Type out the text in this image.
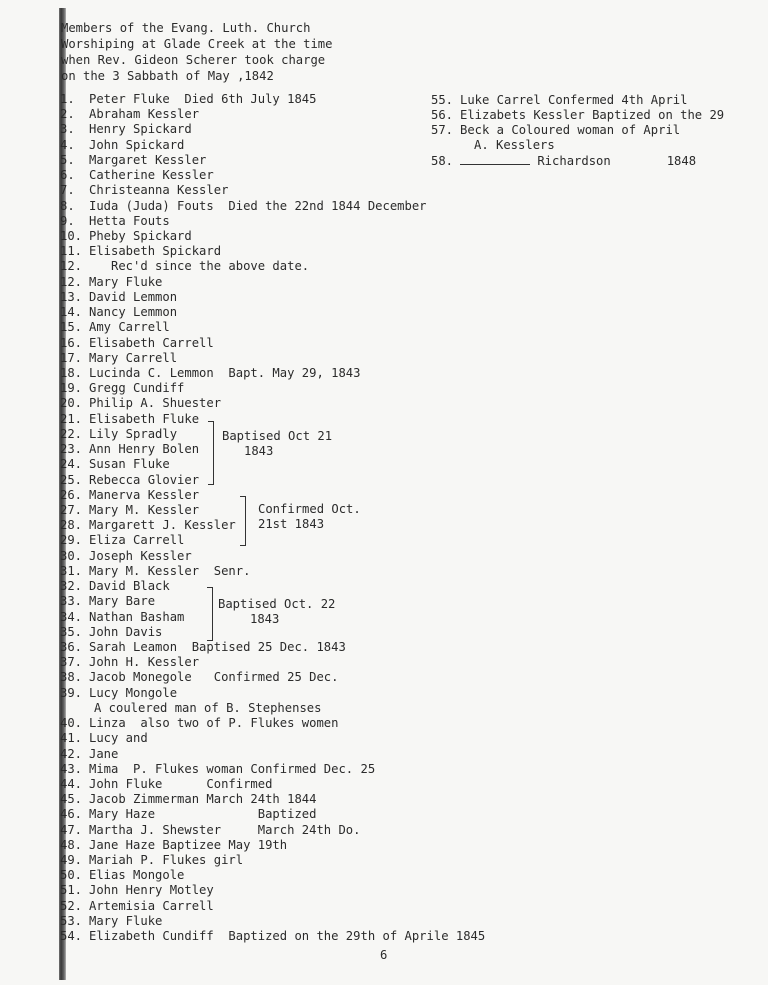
Members of the Evang. Luth. Church
Worshiping at Glade Creek at the time
when Rev. Gideon Scherer took charge
on the 3 Sabbath of May ,1842
1. Peter Fluke  Died 6th July 1845
2. Abraham Kessler
3. Henry Spickard
4. John Spickard
5. Margaret Kessler
6. Catherine Kessler
7. Christeanna Kessler
8. Iuda (Juda) Fouts  Died the 22nd 1844 December
9. Hetta Fouts
10. Pheby Spickard
11. Elisabeth Spickard
12.   Rec'd since the above date.
12. Mary Fluke
13. David Lemmon
14. Nancy Lemmon
15. Amy Carrell
16. Elisabeth Carrell
17. Mary Carrell
18. Lucinda C. Lemmon  Bapt. May 29, 1843
19. Gregg Cundiff
20. Philip A. Shuester
21. Elisabeth Fluke
22. Lily Spradly
23. Ann Henry Bolen
24. Susan Fluke
25. Rebecca Glovier
26. Manerva Kessler
27. Mary M. Kessler
28. Margarett J. Kessler
29. Eliza Carrell
30. Joseph Kessler
31. Mary M. Kessler  Senr.
32. David Black
33. Mary Bare
34. Nathan Basham
35. John Davis
36. Sarah Leamon  Baptised 25 Dec. 1843
37. John H. Kessler
38. Jacob Monegole   Confirmed 25 Dec.
39. Lucy Mongole
A coulered man of B. Stephenses
40. Linza  also two of P. Flukes women
41. Lucy and
42. Jane
43. Mima  P. Flukes woman Confirmed Dec. 25
44. John Fluke      Confirmed
45. Jacob Zimmerman March 24th 1844
46. Mary Haze              Baptized
47. Martha J. Shewster     March 24th Do.
48. Jane Haze Baptizee May 19th
49. Mariah P. Flukes girl
50. Elias Mongole
51. John Henry Motley
52. Artemisia Carrell
53. Mary Fluke
54. Elizabeth Cundiff  Baptized on the 29th of Aprile 1845
Baptised Oct 21
1843
Confirmed Oct.
21st 1843
Baptised Oct. 22
1843
55. Luke Carrel Confermed 4th April
56. Elizabets Kessler Baptized on the 29
57. Beck a Coloured woman of April
A. Kesslers
58.	Richardson	1848
6
